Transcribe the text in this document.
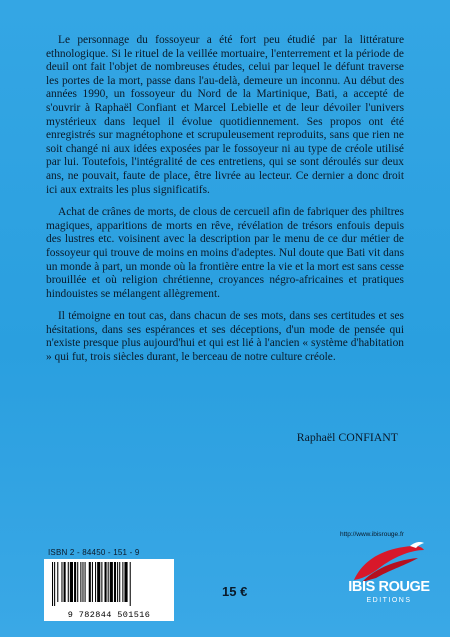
Le personnage du fossoyeur a été fort peu étudié par la littérature ethnologique. Si le rituel de la veillée mortuaire, l'enterrement et la période de deuil ont fait l'objet de nombreuses études, celui par lequel le défunt traverse les portes de la mort, passe dans l'au-delà, demeure un inconnu. Au début des années 1990, un fossoyeur du Nord de la Martinique, Bati, a accepté de s'ouvrir à Raphaël Confiant et Marcel Lebielle et de leur dévoiler l'univers mystérieux dans lequel il évolue quotidiennement. Ses propos ont été enregistrés sur magnétophone et scrupuleusement reproduits, sans que rien ne soit changé ni aux idées exposées par le fossoyeur ni au type de créole utilisé par lui. Toutefois, l'intégralité de ces entretiens, qui se sont déroulés sur deux ans, ne pouvait, faute de place, être livrée au lecteur. Ce dernier a donc droit ici aux extraits les plus significatifs.

Achat de crânes de morts, de clous de cercueil afin de fabriquer des philtres magiques, apparitions de morts en rêve, révélation de trésors enfouis depuis des lustres etc. voisinent avec la description par le menu de ce dur métier de fossoyeur qui trouve de moins en moins d'adeptes. Nul doute que Bati vit dans un monde à part, un monde où la frontière entre la vie et la mort est sans cesse brouillée et où religion chrétienne, croyances négro-africaines et pratiques hindouistes se mélangent allègrement.

Il témoigne en tout cas, dans chacun de ses mots, dans ses certitudes et ses hésitations, dans ses espérances et ses déceptions, d'un mode de pensée qui n'existe presque plus aujourd'hui et qui est lié à l'ancien « système d'habitation » qui fut, trois siècles durant, le berceau de notre culture créole.

Raphaël CONFIANT
http://www.ibisrouge.fr
ISBN 2 - 84450 - 151 - 9
9 782844 501516
15 €	IBIS ROUGE
EDITIONS
